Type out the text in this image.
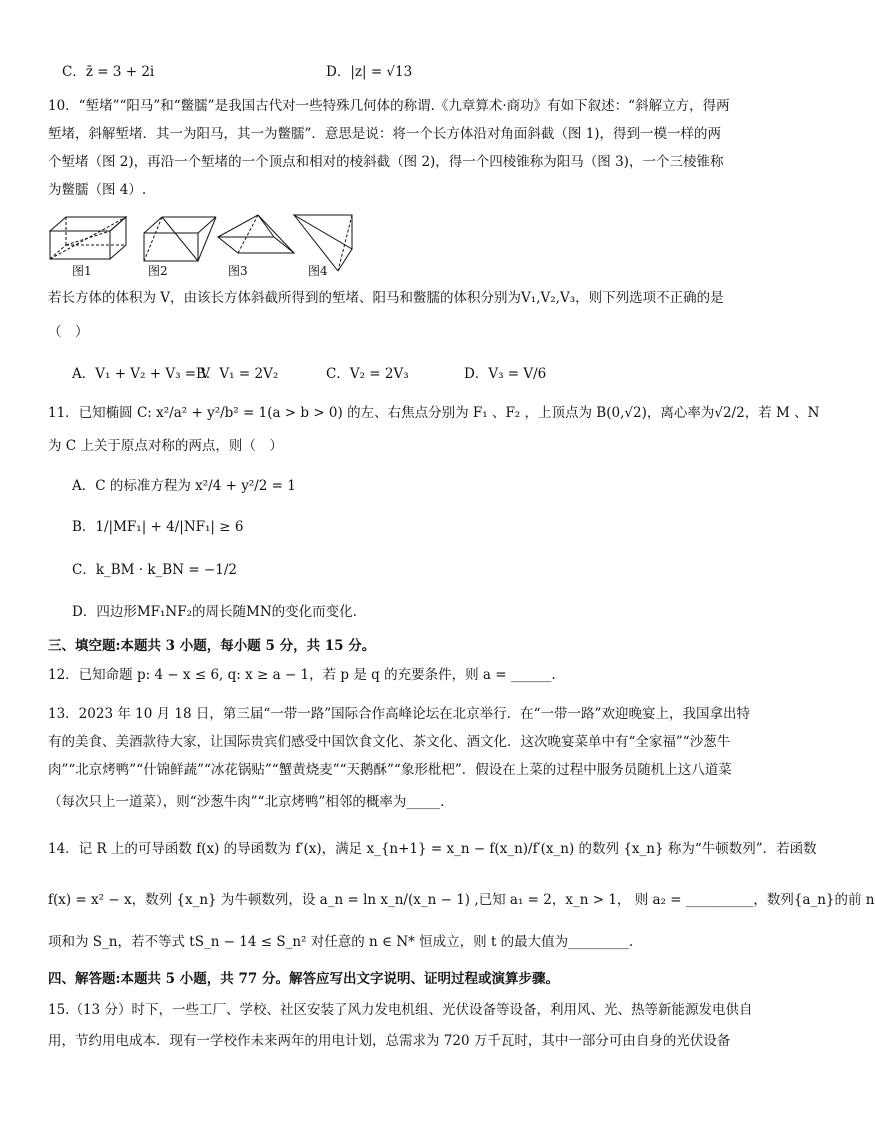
C．z̄ = 3 + 2i	D．|z| = √13
10．“堑堵”“阳马”和“鳖臑”是我国古代对一些特殊几何体的称谓.《九章算术·商功》有如下叙述：“斜解立方，得两
堑堵，斜解堑堵．其一为阳马，其一为鳖臑”．意思是说：将一个长方体沿对角面斜截（图 1)，得到一模一样的两
个堑堵（图 2)，再沿一个堑堵的一个顶点和相对的棱斜截（图 2)，得一个四棱锥称为阳马（图 3)，一个三棱锥称
为鳖臑（图 4）.
图1	图2	图3	图4
若长方体的体积为 V，由该长方体斜截所得到的堑堵、阳马和鳖臑的体积分别为V₁,V₂,V₃，则下列选项不正确的是
（　）
A．V₁ + V₂ + V₃ = V
B．V₁ = 2V₂	C．V₂ = 2V₃	D．V₃ = V/6
11．已知椭圆 C: x²/a² + y²/b² = 1(a > b > 0) 的左、右焦点分别为 F₁ 、F₂ ，上顶点为 B(0,√2)，离心率为√2/2，若 M 、N
为 C 上关于原点对称的两点，则（　）
A．C 的标准方程为 x²/4 + y²/2 = 1
B．1/|MF₁| + 4/|NF₁| ≥ 6
C．k_BM · k_BN = −1/2
D．四边形MF₁NF₂的周长随MN的变化而变化.
三、填空题:本题共 3 小题，每小题 5 分，共 15 分。
12．已知命题 p: 4 − x ≤ 6, q: x ≥ a − 1，若 p 是 q 的充要条件，则 a = ______.
13．2023 年 10 月 18 日，第三届“一带一路”国际合作高峰论坛在北京举行．在“一带一路”欢迎晚宴上，我国拿出特
有的美食、美酒款待大家，让国际贵宾们感受中国饮食文化、茶文化、酒文化．这次晚宴菜单中有“全家福”“沙葱牛
肉”“北京烤鸭”“什锦鲜蔬”“冰花锅贴”“蟹黄烧麦”“天鹅酥”“象形枇杷”．假设在上菜的过程中服务员随机上这八道菜
（每次只上一道菜），则“沙葱牛肉”“北京烤鸭”相邻的概率为_____.
14．记 R 上的可导函数 f(x) 的导函数为 f′(x)，满足 x_{n+1} = x_n − f(x_n)/f′(x_n) 的数列 {x_n} 称为“牛顿数列”．若函数
f(x) = x² − x，数列 {x_n} 为牛顿数列，设 a_n = ln x_n/(x_n − 1) ,已知 a₁ = 2，x_n > 1， 则 a₂ = __________，数列{a_n}的前 n
项和为 S_n，若不等式 tS_n − 14 ≤ S_n² 对任意的 n ∈ N* 恒成立，则 t 的最大值为_________.
四、解答题:本题共 5 小题，共 77 分。解答应写出文字说明、证明过程或演算步骤。
15.（13 分）时下，一些工厂、学校、社区安装了风力发电机组、光伏设备等设备，利用风、光、热等新能源发电供自
用，节约用电成本．现有一学校作未来两年的用电计划，总需求为 720 万千瓦时，其中一部分可由自身的光伏设备
